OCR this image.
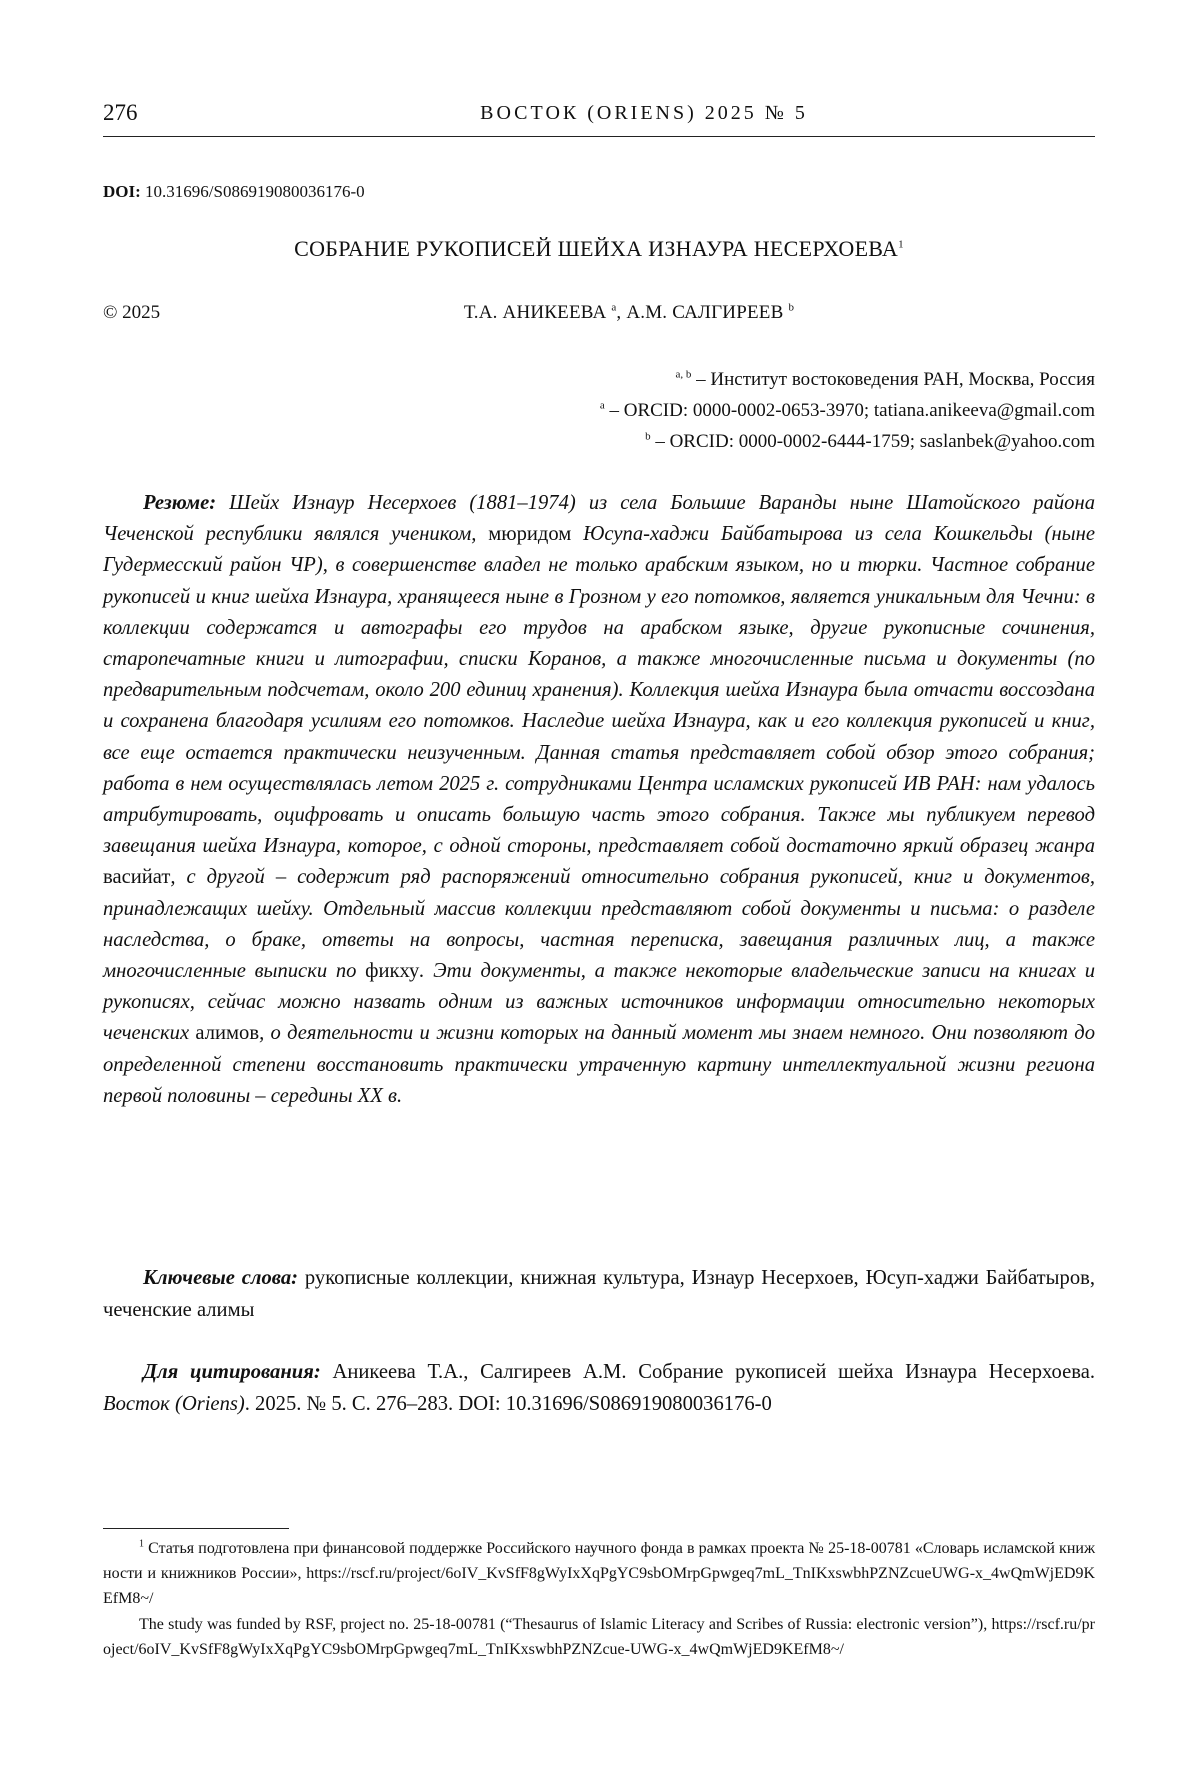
276	ВОСТОК (ORIENS) 2025 № 5
DOI: 10.31696/S086919080036176-0
СОБРАНИЕ РУКОПИСЕЙ ШЕЙХА ИЗНАУРА НЕСЕРХОЕВА$^1$
© 2025	Т.А. АНИКЕЕВА $^a$, А.М. САЛГИРЕЕВ $^b$
$^{a, b}$ – Институт востоковедения РАН, Москва, Россия
$^a$ – ORCID: 0000-0002-0653-3970; tatiana.anikeeva@gmail.com
$^b$ – ORCID: 0000-0002-6444-1759; saslanbek@yahoo.com

Резюме: Шейх Изнаур Несерхоев (1881–1974) из села Большие Варанды ныне Шатойского района Чеченской республики являлся учеником, мюридом Юсупа-хаджи Байбатырова из села Кошкельды (ныне Гудермесский район ЧР), в совершенстве владел не только арабским языком, но и тюрки. Частное собрание рукописей и книг шейха Изнаура, хранящееся ныне в Грозном у его потомков, является уникальным для Чечни: в коллекции содержатся и автографы его трудов на арабском языке, другие рукописные сочинения, старопечатные книги и литографии, списки Коранов, а также многочисленные письма и документы (по предварительным подсчетам, около 200 единиц хранения). Коллекция шейха Изнаура была отчасти воссоздана и сохранена благодаря усилиям его потомков. Наследие шейха Изнаура, как и его коллекция рукописей и книг, все еще остается практически неизученным. Данная статья представляет собой обзор этого собрания; работа в нем осуществлялась летом 2025 г. сотрудниками Центра исламских рукописей ИВ РАН: нам удалось атрибутировать, оцифровать и описать большую часть этого собрания. Также мы публикуем перевод завещания шейха Изнаура, которое, с одной стороны, представляет собой достаточно яркий образец жанра васийат, с другой – содержит ряд распоряжений относительно собрания рукописей, книг и документов, принадлежащих шейху. Отдельный массив коллекции представляют собой документы и письма: о разделе наследства, о браке, ответы на вопросы, частная переписка, завещания различных лиц, а также многочисленные выписки по фикху. Эти документы, а также некоторые владельческие записи на книгах и рукописях, сейчас можно назвать одним из важных источников информации относительно некоторых чеченских алимов, о деятельности и жизни которых на данный момент мы знаем немного. Они позволяют до определенной степени восстановить практически утраченную картину интеллектуальной жизни региона первой половины – середины XX в.

Ключевые слова: рукописные коллекции, книжная культура, Изнаур Несерхоев, Юсуп-хаджи Байбатыров, чеченские алимы

Для цитирования: Аникеева Т.А., Салгиреев А.М. Собрание рукописей шейха Изнаура Несерхоева. Восток (Oriens). 2025. № 5. С. 276–283. DOI: 10.31696/S086919080036176-0

$^1$ Статья подготовлена при финансовой поддержке Российского научного фонда в рамках проекта № 25-18-00781 «Словарь исламской книжности и книжников России», https://rscf.ru/project/6oIV_KvSfF8gWyIxXqPgYC9sbOMrpGpwgeq7mL_TnIKxswbhPZNZcueUWG-x_4wQmWjED9KEfM8~/

The study was funded by RSF, project no. 25-18-00781 (“Thesaurus of Islamic Literacy and Scribes of Russia: electronic version”), https://rscf.ru/project/6oIV_KvSfF8gWyIxXqPgYC9sbOMrpGpwgeq7mL_TnIKxswbhPZNZcue-UWG-x_4wQmWjED9KEfM8~/
